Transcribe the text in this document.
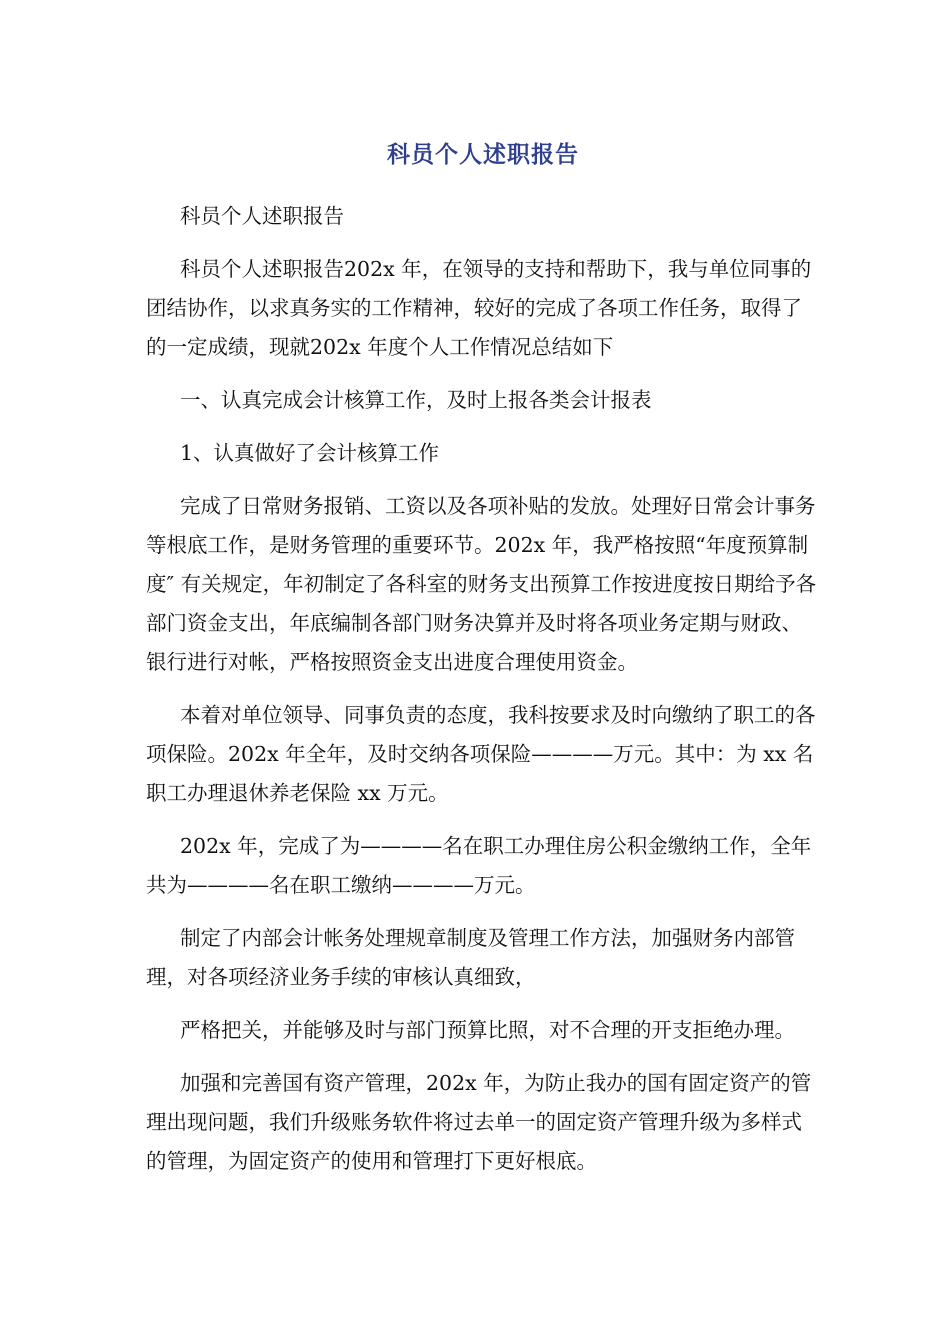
科员个人述职报告

科员个人述职报告

科员个人述职报告202x 年，在领导的支持和帮助下，我与单位同事的团结协作，以求真务实的工作精神，较好的完成了各项工作任务，取得了的一定成绩，现就202x 年度个人工作情况总结如下

一、认真完成会计核算工作，及时上报各类会计报表

1、认真做好了会计核算工作

完成了日常财务报销、工资以及各项补贴的发放。处理好日常会计事务等根底工作，是财务管理的重要环节。202x 年，我严格按照“年度预算制度″ 有关规定，年初制定了各科室的财务支出预算工作按进度按日期给予各部门资金支出，年底编制各部门财务决算并及时将各项业务定期与财政、银行进行对帐，严格按照资金支出进度合理使用资金。

本着对单位领导、同事负责的态度，我科按要求及时向缴纳了职工的各项保险。202x 年全年，及时交纳各项保险————万元。其中：为 xx 名职工办理退休养老保险 xx 万元。

202x 年，完成了为————名在职工办理住房公积金缴纳工作，全年共为————名在职工缴纳————万元。

制定了内部会计帐务处理规章制度及管理工作方法，加强财务内部管理，对各项经济业务手续的审核认真细致，

严格把关，并能够及时与部门预算比照，对不合理的开支拒绝办理。

加强和完善国有资产管理，202x 年，为防止我办的国有固定资产的管理出现问题，我们升级账务软件将过去单一的固定资产管理升级为多样式的管理，为固定资产的使用和管理打下更好根底。
